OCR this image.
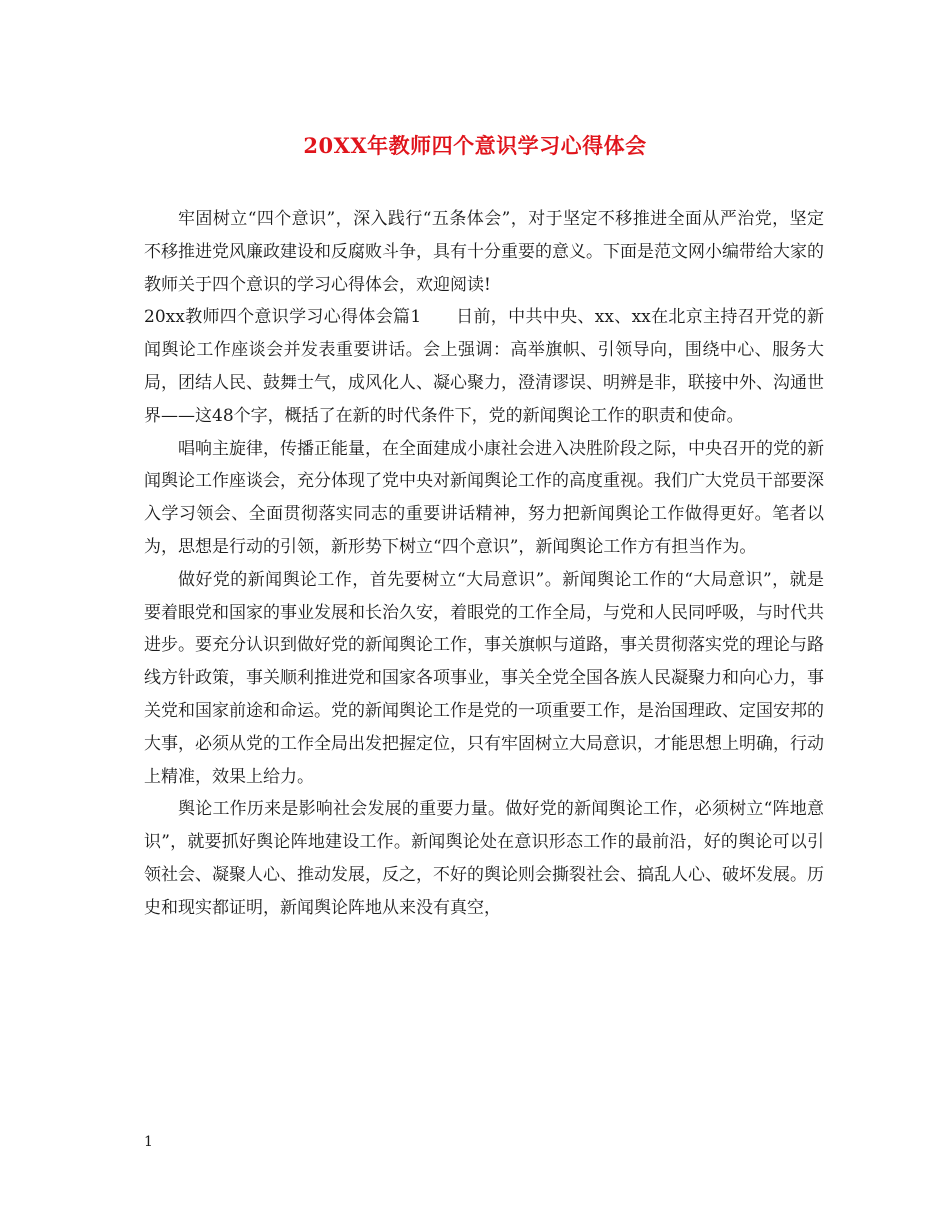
20XX年教师四个意识学习心得体会

牢固树立“四个意识”，深入践行“五条体会”，对于坚定不移推进全面从严治党，坚定不移推进党风廉政建设和反腐败斗争，具有十分重要的意义。下面是范文网小编带给大家的教师关于四个意识的学习心得体会，欢迎阅读!

20xx教师四个意识学习心得体会篇1　　日前，中共中央、xx、xx在北京主持召开党的新闻舆论工作座谈会并发表重要讲话。会上强调：高举旗帜、引领导向，围绕中心、服务大局，团结人民、鼓舞士气，成风化人、凝心聚力，澄清谬误、明辨是非，联接中外、沟通世界——这48个字，概括了在新的时代条件下，党的新闻舆论工作的职责和使命。

唱响主旋律，传播正能量，在全面建成小康社会进入决胜阶段之际，中央召开的党的新闻舆论工作座谈会，充分体现了党中央对新闻舆论工作的高度重视。我们广大党员干部要深入学习领会、全面贯彻落实同志的重要讲话精神，努力把新闻舆论工作做得更好。笔者以为，思想是行动的引领，新形势下树立“四个意识”，新闻舆论工作方有担当作为。

做好党的新闻舆论工作，首先要树立“大局意识”。新闻舆论工作的“大局意识”，就是要着眼党和国家的事业发展和长治久安，着眼党的工作全局，与党和人民同呼吸，与时代共进步。要充分认识到做好党的新闻舆论工作，事关旗帜与道路，事关贯彻落实党的理论与路线方针政策，事关顺利推进党和国家各项事业，事关全党全国各族人民凝聚力和向心力，事关党和国家前途和命运。党的新闻舆论工作是党的一项重要工作，是治国理政、定国安邦的大事，必须从党的工作全局出发把握定位，只有牢固树立大局意识，才能思想上明确，行动上精准，效果上给力。

舆论工作历来是影响社会发展的重要力量。做好党的新闻舆论工作，必须树立“阵地意识”，就要抓好舆论阵地建设工作。新闻舆论处在意识形态工作的最前沿，好的舆论可以引领社会、凝聚人心、推动发展，反之，不好的舆论则会撕裂社会、搞乱人心、破坏发展。历史和现实都证明，新闻舆论阵地从来没有真空，

1
